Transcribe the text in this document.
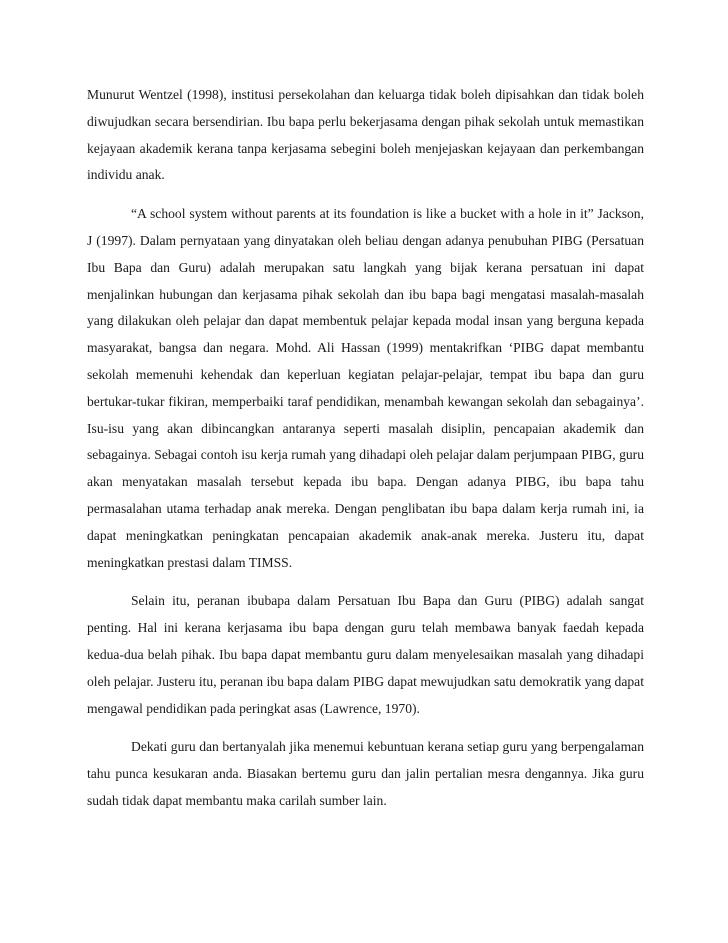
Munurut Wentzel (1998), institusi persekolahan dan keluarga tidak boleh dipisahkan dan tidak boleh diwujudkan secara bersendirian. Ibu bapa perlu bekerjasama dengan pihak sekolah untuk memastikan kejayaan akademik kerana tanpa kerjasama sebegini boleh menjejaskan kejayaan dan perkembangan individu anak.

“A school system without parents at its foundation is like a bucket with a hole in it” Jackson, J (1997). Dalam pernyataan yang dinyatakan oleh beliau dengan adanya penubuhan PIBG (Persatuan Ibu Bapa dan Guru) adalah merupakan satu langkah yang bijak kerana persatuan ini dapat menjalinkan hubungan dan kerjasama pihak sekolah dan ibu bapa bagi mengatasi masalah-masalah yang dilakukan oleh pelajar dan dapat membentuk pelajar kepada modal insan yang berguna kepada masyarakat, bangsa dan negara. Mohd. Ali Hassan (1999) mentakrifkan ‘PIBG dapat membantu sekolah memenuhi kehendak dan keperluan kegiatan pelajar-pelajar, tempat ibu bapa dan guru bertukar-tukar fikiran, memperbaiki taraf pendidikan, menambah kewangan sekolah dan sebagainya’. Isu-isu yang akan dibincangkan antaranya seperti masalah disiplin, pencapaian akademik dan sebagainya. Sebagai contoh isu kerja rumah yang dihadapi oleh pelajar dalam perjumpaan PIBG, guru akan menyatakan masalah tersebut kepada ibu bapa. Dengan adanya PIBG, ibu bapa tahu permasalahan utama terhadap anak mereka. Dengan penglibatan ibu bapa dalam kerja rumah ini, ia dapat meningkatkan peningkatan pencapaian akademik anak-anak mereka. Justeru itu, dapat meningkatkan prestasi dalam TIMSS.

Selain itu, peranan ibubapa dalam Persatuan Ibu Bapa dan Guru (PIBG) adalah sangat penting. Hal ini kerana kerjasama ibu bapa dengan guru telah membawa banyak faedah kepada kedua-dua belah pihak. Ibu bapa dapat membantu guru dalam menyelesaikan masalah yang dihadapi oleh pelajar. Justeru itu, peranan ibu bapa dalam PIBG dapat mewujudkan satu demokratik yang dapat mengawal pendidikan pada peringkat asas (Lawrence, 1970).

Dekati guru dan bertanyalah jika menemui kebuntuan kerana setiap guru yang berpengalaman tahu punca kesukaran anda. Biasakan bertemu guru dan jalin pertalian mesra dengannya. Jika guru sudah tidak dapat membantu maka carilah sumber lain.
